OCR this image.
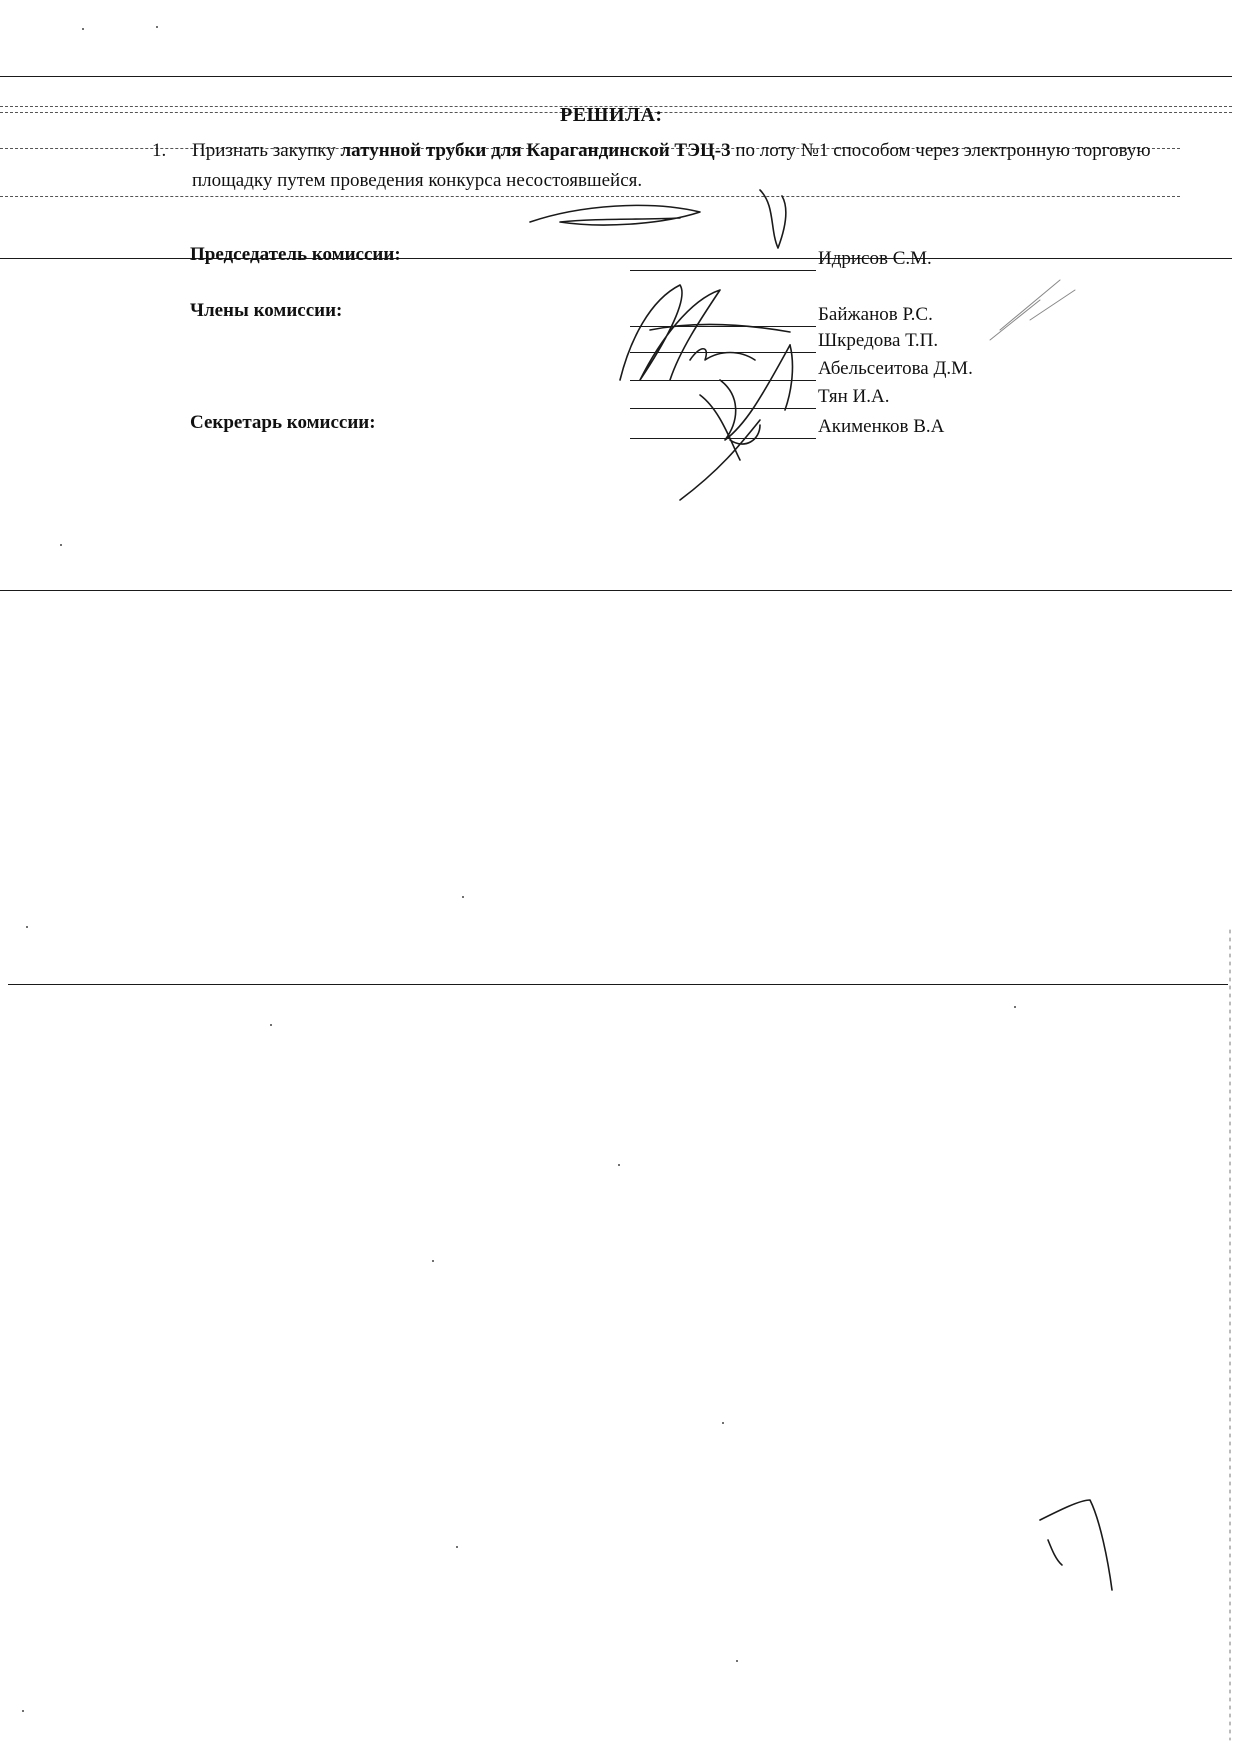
РЕШИЛА:
1. Признать закупку латунной трубки для Карагандинской ТЭЦ-3 по лоту №1 способом через электронную торговую площадку путем проведения конкурса несостоявшейся.
Председатель комиссии:	Идрисов С.М.
Члены комиссии:	Байжанов Р.С.
Шкредова Т.П.
Абельсеитова Д.М.
Тян И.А.
Секретарь комиссии:	Акименков В.А
